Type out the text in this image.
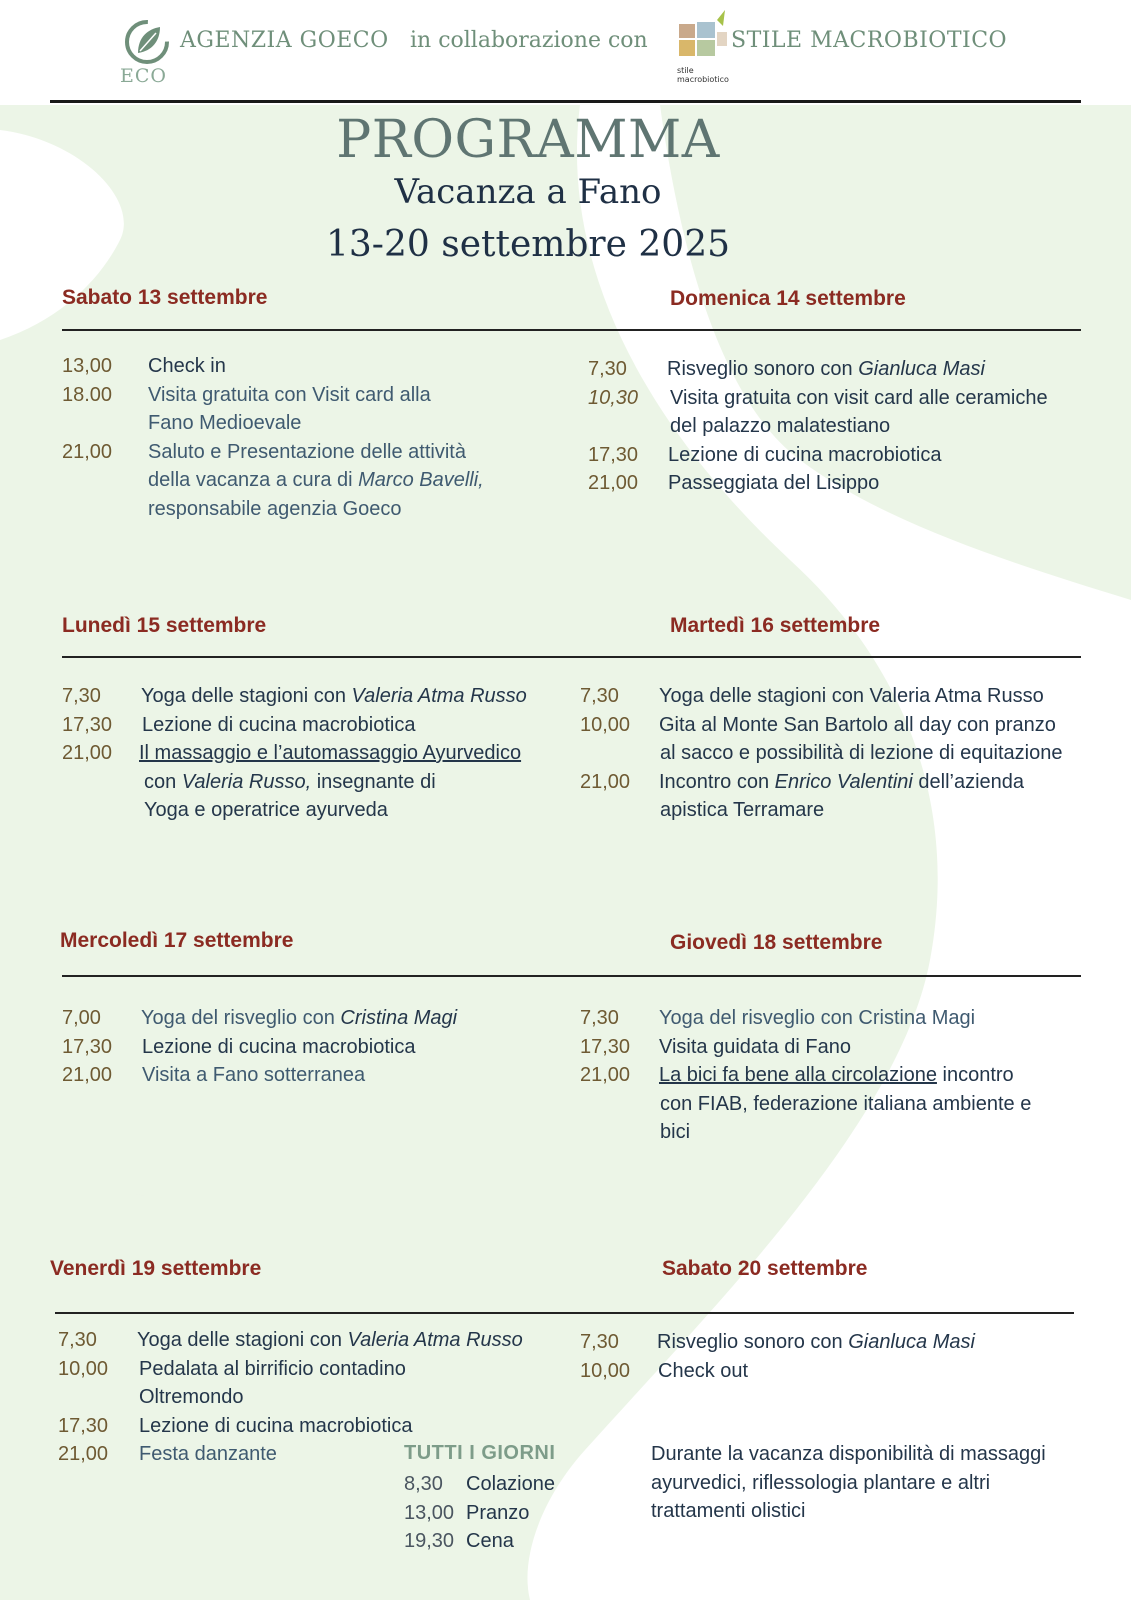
ECO
AGENZIA GOECO in collaborazione con
stile
macrobiotico
STILE MACROBIOTICO
PROGRAMMA
Vacanza a Fano
13-20 settembre 2025
Sabato 13 settembre	Domenica 14 settembre
13,00 Check in
18.00 Visita gratuita con Visit card alla
Fano Medioevale
21,00 Saluto e Presentazione delle attività
della vacanza a cura di Marco Bavelli,
responsabile agenzia Goeco
7,30 Risveglio sonoro con Gianluca Masi
10,30 Visita gratuita con visit card alle ceramiche
del palazzo malatestiano
17,30 Lezione di cucina macrobiotica
21,00 Passeggiata del Lisippo
Lunedì 15 settembre	Martedì 16 settembre
7,30 Yoga delle stagioni con Valeria Atma Russo
17,30 Lezione di cucina macrobiotica
21,00 Il massaggio e l’automassaggio Ayurvedico
con Valeria Russo, insegnante di
Yoga e operatrice ayurveda
7,30 Yoga delle stagioni con Valeria Atma Russo
10,00 Gita al Monte San Bartolo all day con pranzo
al sacco e possibilità di lezione di equitazione
21,00 Incontro con Enrico Valentini dell’azienda
apistica Terramare
Mercoledì 17 settembre	Giovedì 18 settembre
7,00 Yoga del risveglio con Cristina Magi
17,30 Lezione di cucina macrobiotica
21,00 Visita a Fano sotterranea
7,30 Yoga del risveglio con Cristina Magi
17,30 Visita guidata di Fano
21,00 La bici fa bene alla circolazione incontro
con FIAB, federazione italiana ambiente e
bici
Venerdì 19 settembre	Sabato 20 settembre
7,30 Yoga delle stagioni con Valeria Atma Russo
10,00 Pedalata al birrificio contadino
Oltremondo
17,30 Lezione di cucina macrobiotica
21,00 Festa danzante
7,30 Risveglio sonoro con Gianluca Masi
10,00 Check out
TUTTI I GIORNI
8,30 Colazione
13,00 Pranzo
19,30 Cena
Durante la vacanza disponibilità di massaggi
ayurvedici, riflessologia plantare e altri
trattamenti olistici
